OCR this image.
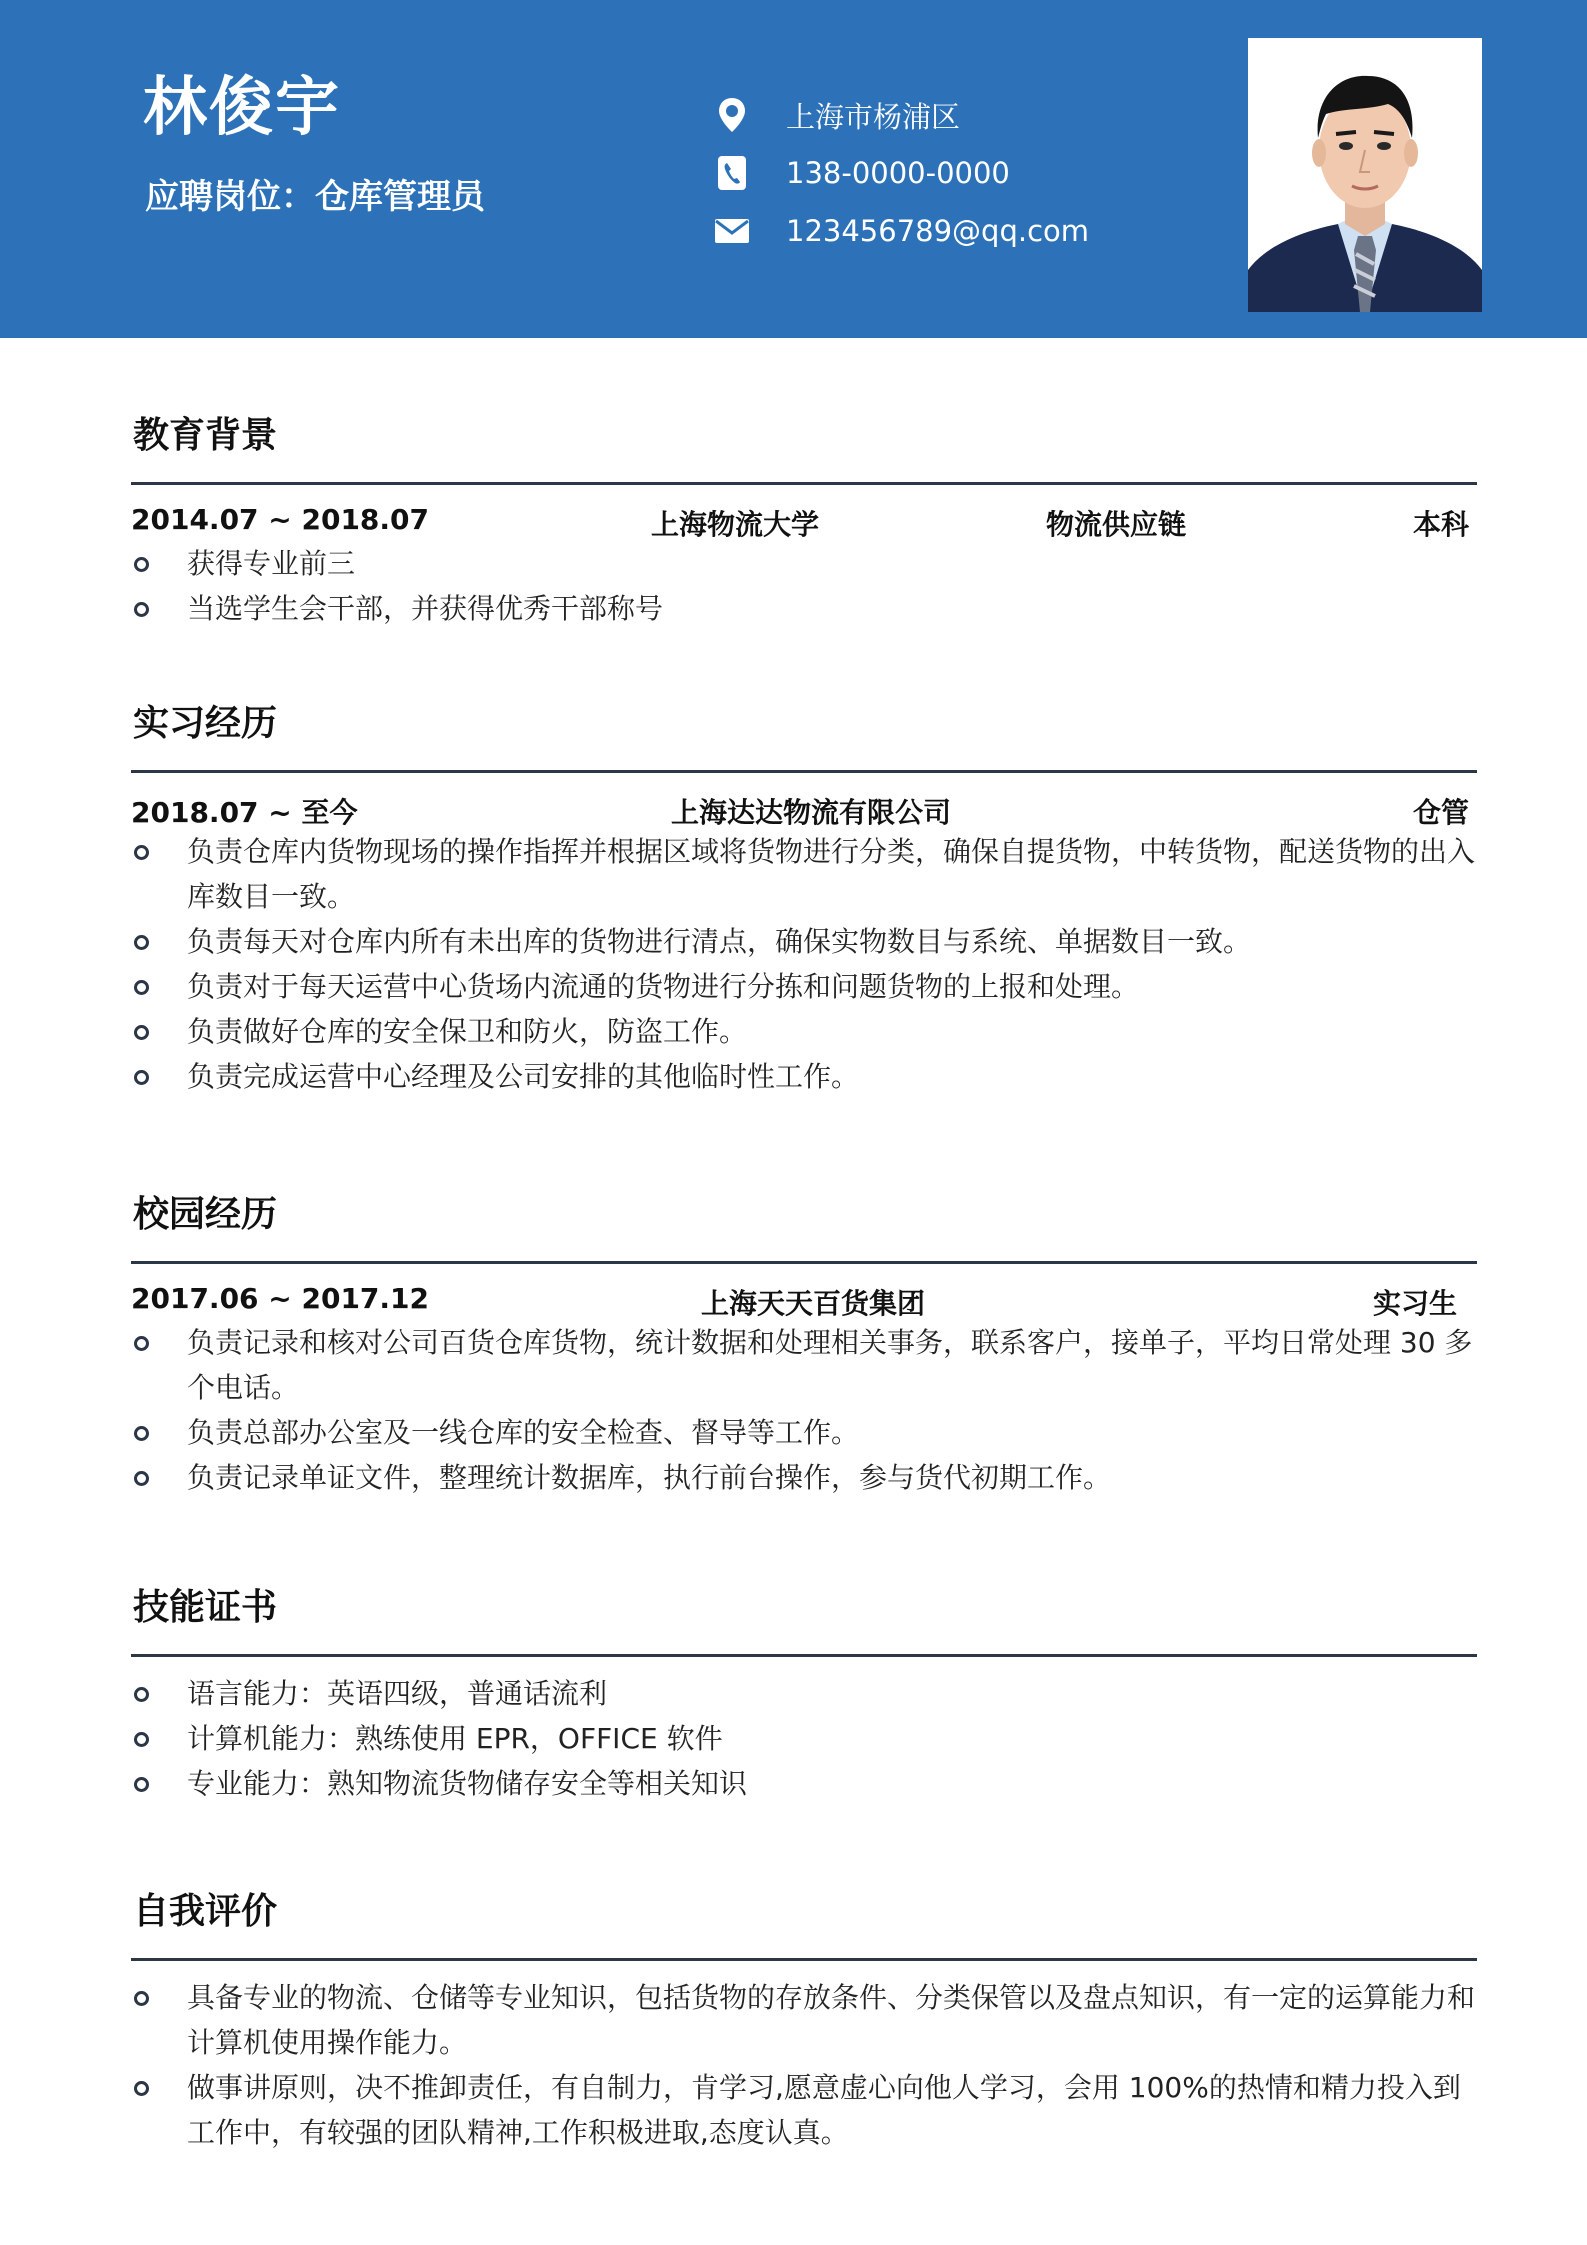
林俊宇
应聘岗位：仓库管理员
上海市杨浦区
138-0000-0000
123456789@qq.com
教育背景
2014.07 ~ 2018.07	上海物流大学	物流供应链	本科
获得专业前三
当选学生会干部，并获得优秀干部称号
实习经历
2018.07 ~ 至今	上海达达物流有限公司	仓管
负责仓库内货物现场的操作指挥并根据区域将货物进行分类，确保自提货物，中转货物，配送货物的出入库数目一致。
负责每天对仓库内所有未出库的货物进行清点，确保实物数目与系统、单据数目一致。
负责对于每天运营中心货场内流通的货物进行分拣和问题货物的上报和处理。
负责做好仓库的安全保卫和防火，防盗工作。
负责完成运营中心经理及公司安排的其他临时性工作。
校园经历
2017.06 ~ 2017.12	上海天天百货集团	实习生
负责记录和核对公司百货仓库货物，统计数据和处理相关事务，联系客户，接单子，平均日常处理 30 多个电话。
负责总部办公室及一线仓库的安全检查、督导等工作。
负责记录单证文件，整理统计数据库，执行前台操作，参与货代初期工作。
技能证书
语言能力：英语四级，普通话流利
计算机能力：熟练使用 EPR，OFFICE 软件
专业能力：熟知物流货物储存安全等相关知识
自我评价
具备专业的物流、仓储等专业知识，包括货物的存放条件、分类保管以及盘点知识，有一定的运算能力和计算机使用操作能力。
做事讲原则，决不推卸责任，有自制力，肯学习,愿意虚心向他人学习，会用 100%的热情和精力投入到工作中，有较强的团队精神,工作积极进取,态度认真。
